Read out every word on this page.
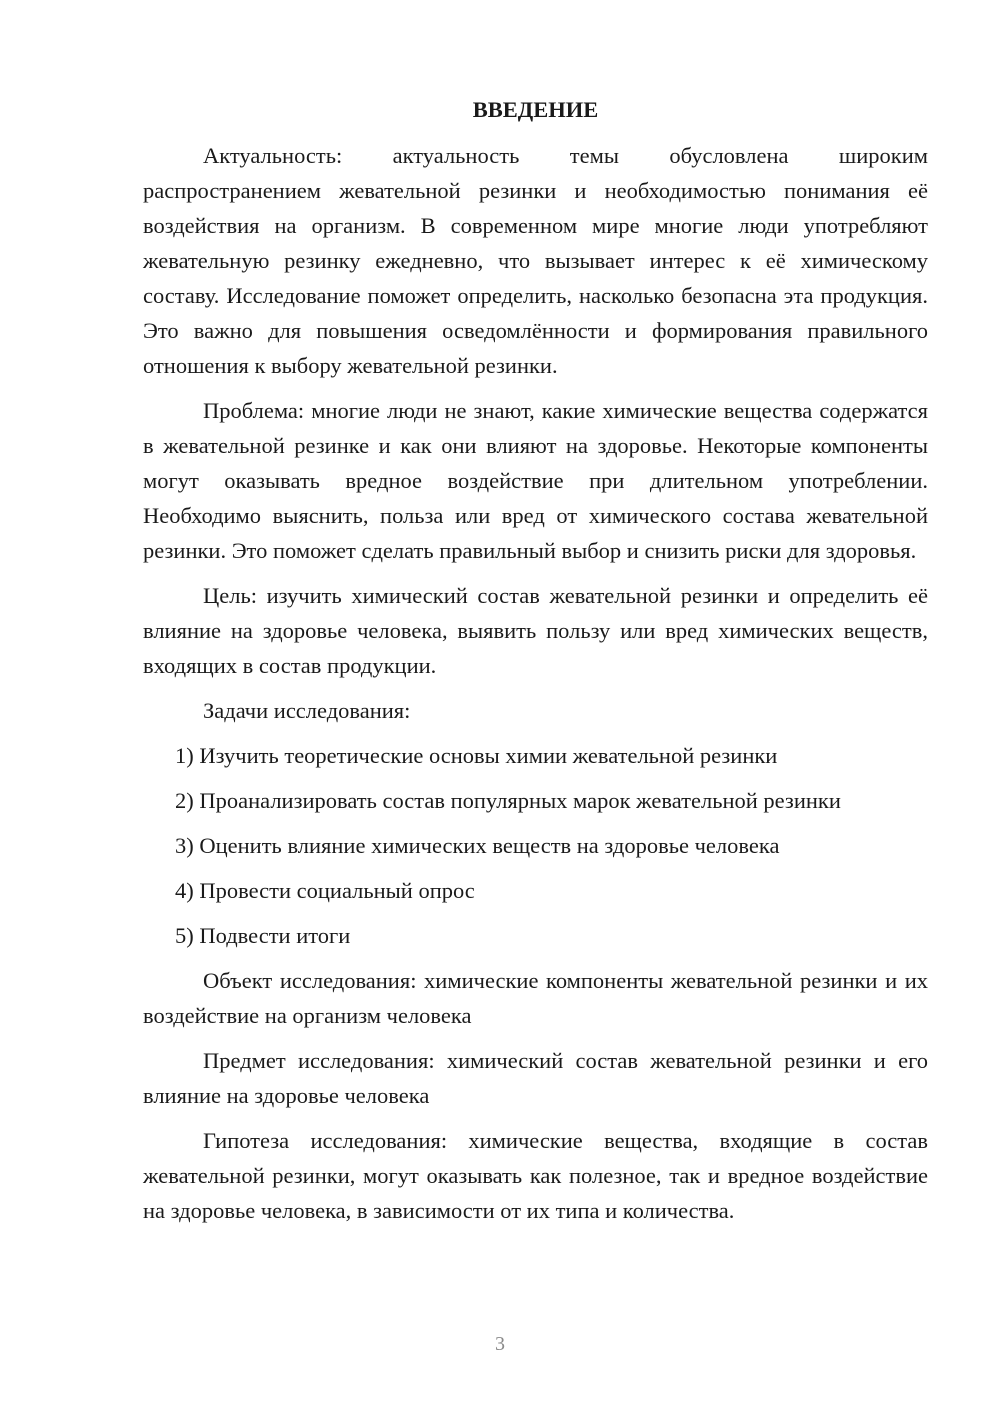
ВВЕДЕНИЕ

Актуальность: актуальность темы обусловлена широким распространением жевательной резинки и необходимостью понимания её воздействия на организм. В современном мире многие люди употребляют жевательную резинку ежедневно, что вызывает интерес к её химическому составу. Исследование поможет определить, насколько безопасна эта продукция. Это важно для повышения осведомлённости и формирования правильного отношения к выбору жевательной резинки.

Проблема: многие люди не знают, какие химические вещества содержатся в жевательной резинке и как они влияют на здоровье. Некоторые компоненты могут оказывать вредное воздействие при длительном употреблении. Необходимо выяснить, польза или вред от химического состава жевательной резинки. Это поможет сделать правильный выбор и снизить риски для здоровья.

Цель: изучить химический состав жевательной резинки и определить её влияние на здоровье человека, выявить пользу или вред химических веществ, входящих в состав продукции.

Задачи исследования:

1) Изучить теоретические основы химии жевательной резинки
2) Проанализировать состав популярных марок жевательной резинки
3) Оценить влияние химических веществ на здоровье человека
4) Провести социальный опрос
5) Подвести итоги

Объект исследования: химические компоненты жевательной резинки и их воздействие на организм человека

Предмет исследования: химический состав жевательной резинки и его влияние на здоровье человека

Гипотеза исследования: химические вещества, входящие в состав жевательной резинки, могут оказывать как полезное, так и вредное воздействие на здоровье человека, в зависимости от их типа и количества.

3
